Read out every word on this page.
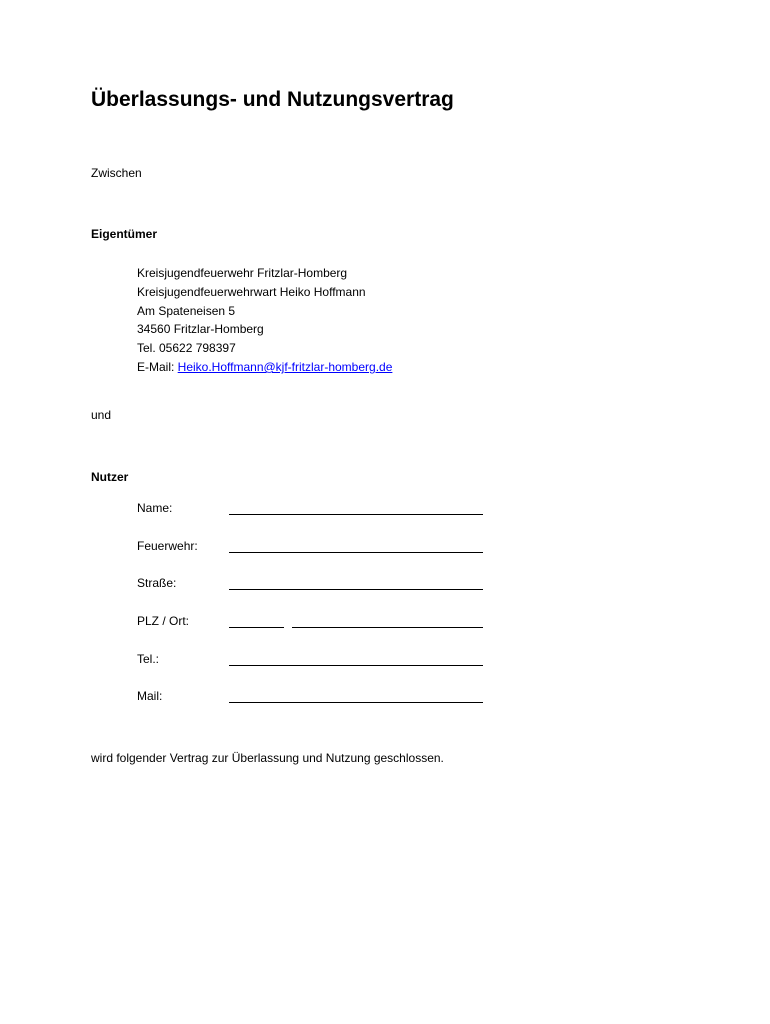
Überlassungs- und Nutzungsvertrag

Zwischen

Eigentümer

Kreisjugendfeuerwehr Fritzlar-Homberg
Kreisjugendfeuerwehrwart Heiko Hoffmann
Am Spateneisen 5
34560 Fritzlar-Homberg
Tel. 05622 798397
E-Mail: Heiko.Hoffmann@kjf-fritzlar-homberg.de

und

Nutzer

Name:
Feuerwehr:
Straße:
PLZ / Ort:
Tel.:
Mail:

wird folgender Vertrag zur Überlassung und Nutzung geschlossen.
